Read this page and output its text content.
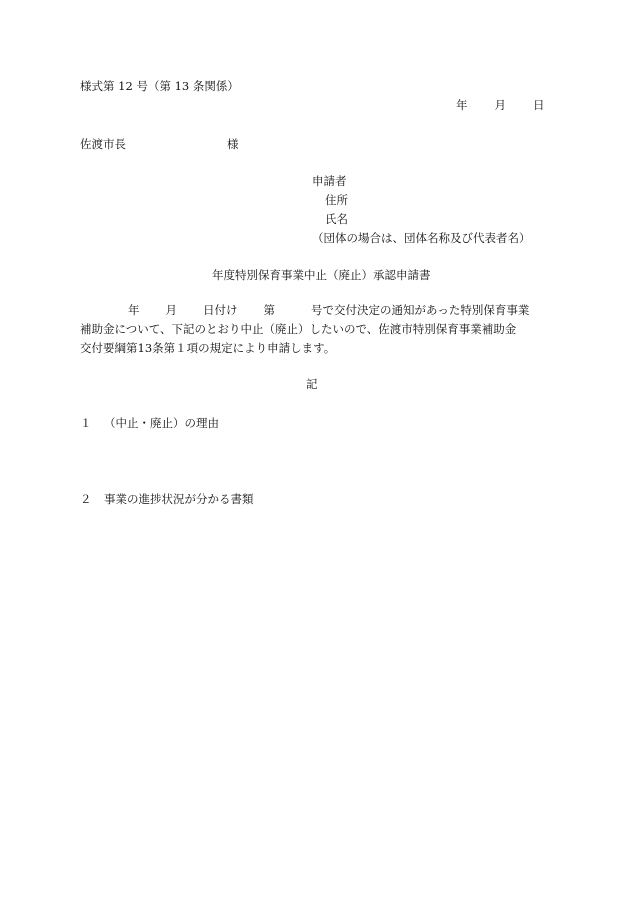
様式第 12 号（第 13 条関係）
年 月 日
佐渡市長	様
申請者
住所
氏名
（団体の場合は、団体名称及び代表者名）
年度特別保育事業中止（廃止）承認申請書
年 月 日付け 第	号で交付決定の通知があった特別保育事業
補助金について、下記のとおり中止（廃止）したいので、佐渡市特別保育事業補助金
交付要綱第13条第１項の規定により申請します。
記
１ （中止・廃止）の理由
２ 事業の進捗状況が分かる書類
